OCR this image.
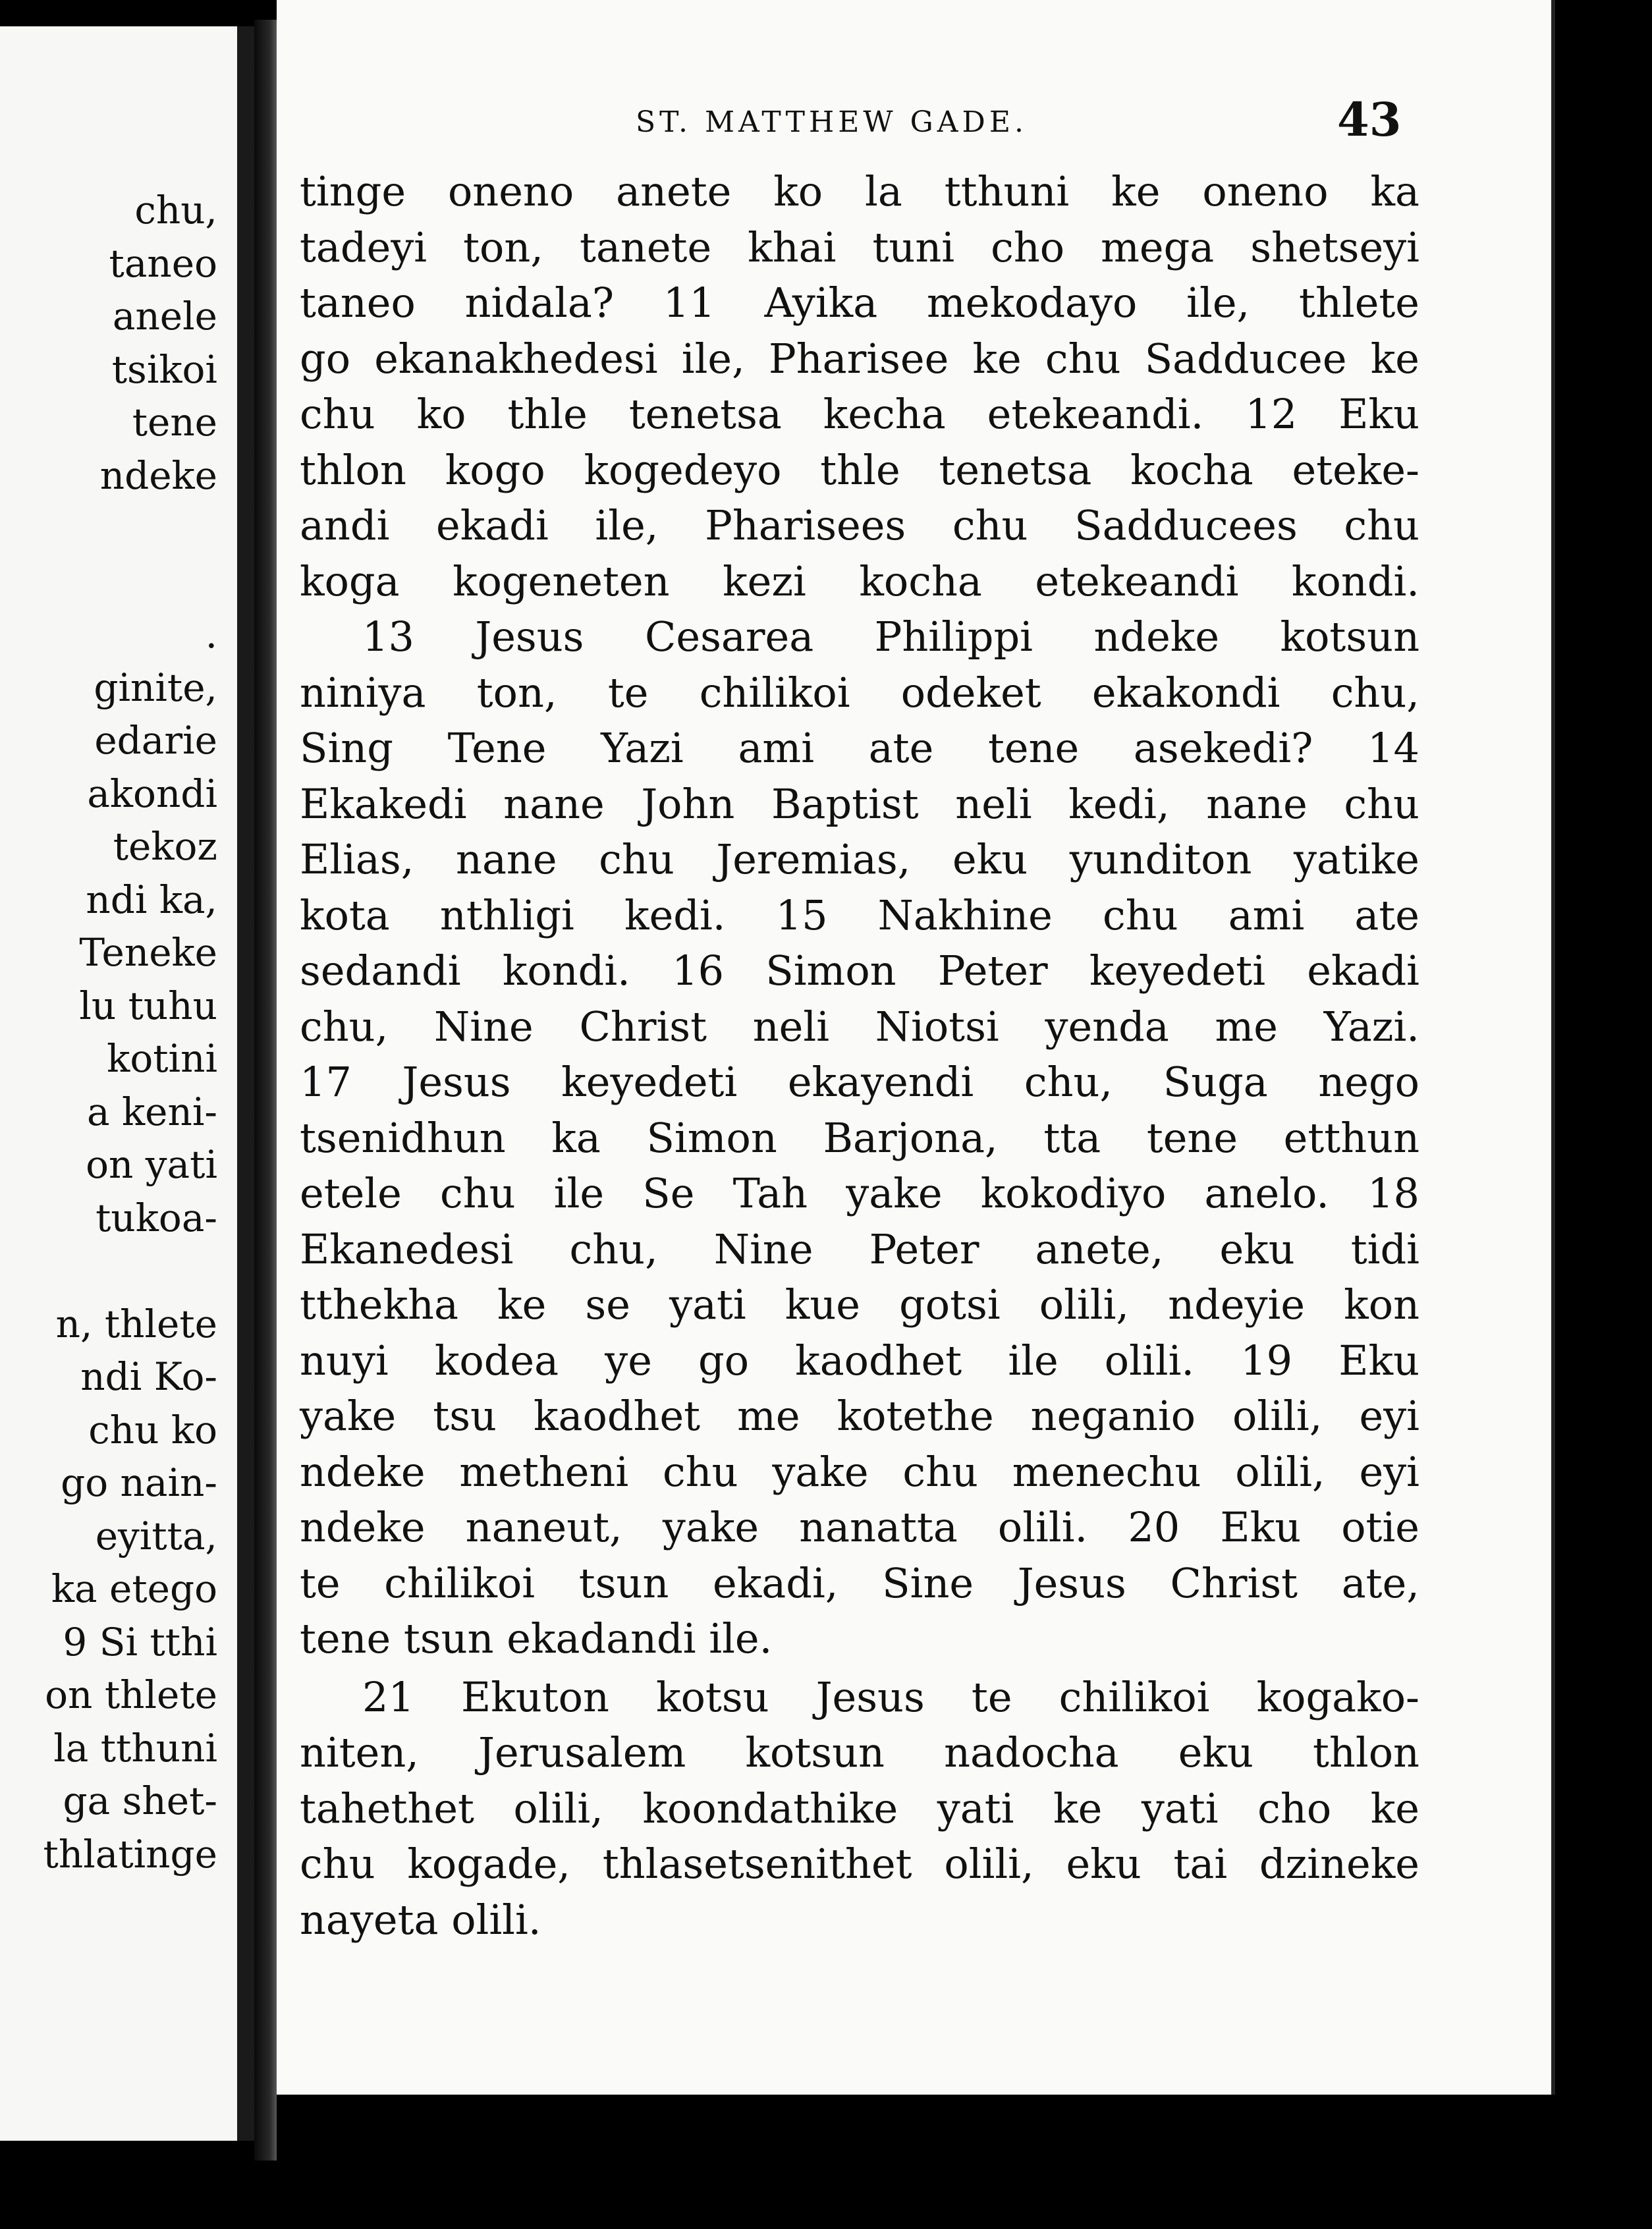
chu,
taneo
anele
tsikoi
tene
ndeke
.
ginite,
edarie
akondi
tekoz
ndi ka,
Teneke
lu tuhu
kotini
a keni-
on yati
tukoa-
n, thlete
ndi Ko-
chu ko
go nain-
eyitta,
ka etego
9 Si tthi
on thlete
la tthuni
ga shet-
thlatinge
ST. MATTHEW GADE.	43
tinge oneno anete ko la tthuni ke oneno ka
tadeyi ton, tanete khai tuni cho mega shetseyi
taneo nidala? 11 Ayika mekodayo ile, thlete
go ekanakhedesi ile, Pharisee ke chu Sadducee ke
chu ko thle tenetsa kecha etekeandi. 12 Eku
thlon kogo kogedeyo thle tenetsa kocha eteke-
andi ekadi ile, Pharisees chu Sadducees chu
koga kogeneten kezi kocha etekeandi kondi.
13 Jesus Cesarea Philippi ndeke kotsun
niniya ton, te chilikoi odeket ekakondi chu,
Sing Tene Yazi ami ate tene asekedi? 14
Ekakedi nane John Baptist neli kedi, nane chu
Elias, nane chu Jeremias, eku yunditon yatike
kota nthligi kedi. 15 Nakhine chu ami ate
sedandi kondi. 16 Simon Peter keyedeti ekadi
chu, Nine Christ neli Niotsi yenda me Yazi.
17 Jesus keyedeti ekayendi chu, Suga nego
tsenidhun ka Simon Barjona, tta tene etthun
etele chu ile Se Tah yake kokodiyo anelo. 18
Ekanedesi chu, Nine Peter anete, eku tidi
tthekha ke se yati kue gotsi olili, ndeyie kon
nuyi kodea ye go kaodhet ile olili. 19 Eku
yake tsu kaodhet me kotethe neganio olili, eyi
ndeke metheni chu yake chu menechu olili, eyi
ndeke naneut, yake nanatta olili. 20 Eku otie
te chilikoi tsun ekadi, Sine Jesus Christ ate,
tene tsun ekadandi ile.
21 Ekuton kotsu Jesus te chilikoi kogako-
niten, Jerusalem kotsun nadocha eku thlon
tahethet olili, koondathike yati ke yati cho ke
chu kogade, thlasetsenithet olili, eku tai dzineke
nayeta olili.
